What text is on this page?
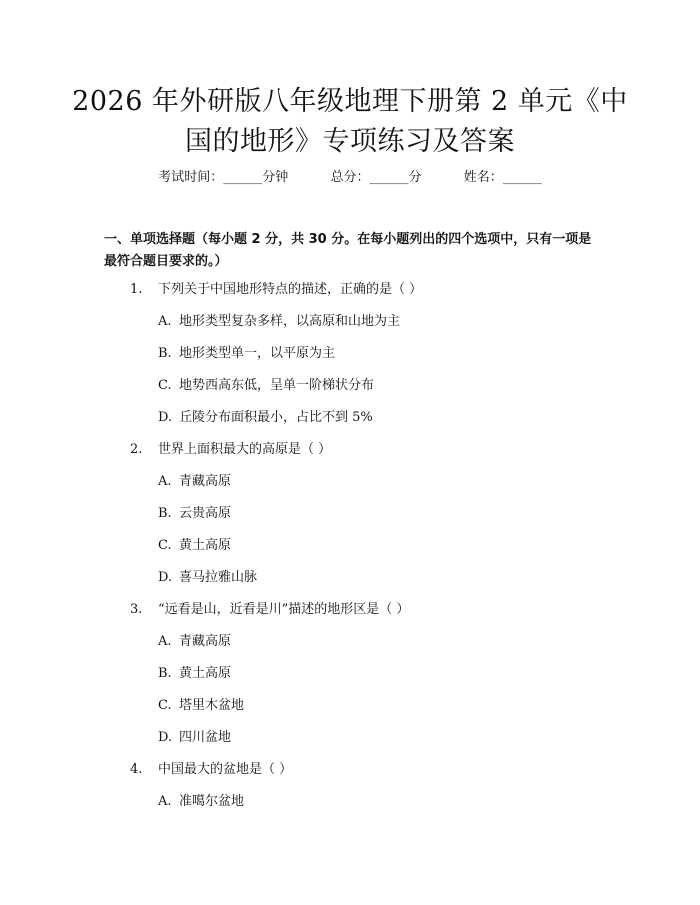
2026 年外研版八年级地理下册第 2 单元《中
国的地形》专项练习及答案
考试时间：______分钟	总分：______分	姓名：______
一、单项选择题（每小题 2 分，共 30 分。在每小题列出的四个选项中，只有一项是最符合题目要求的。）
1. 下列关于中国地形特点的描述，正确的是（ ）
A. 地形类型复杂多样，以高原和山地为主
B. 地形类型单一，以平原为主
C. 地势西高东低，呈单一阶梯状分布
D. 丘陵分布面积最小，占比不到 5%
2. 世界上面积最大的高原是（ ）
A. 青藏高原
B. 云贵高原
C. 黄土高原
D. 喜马拉雅山脉
3. “远看是山，近看是川”描述的地形区是（ ）
A. 青藏高原
B. 黄土高原
C. 塔里木盆地
D. 四川盆地
4. 中国最大的盆地是（ ）
A. 准噶尔盆地
